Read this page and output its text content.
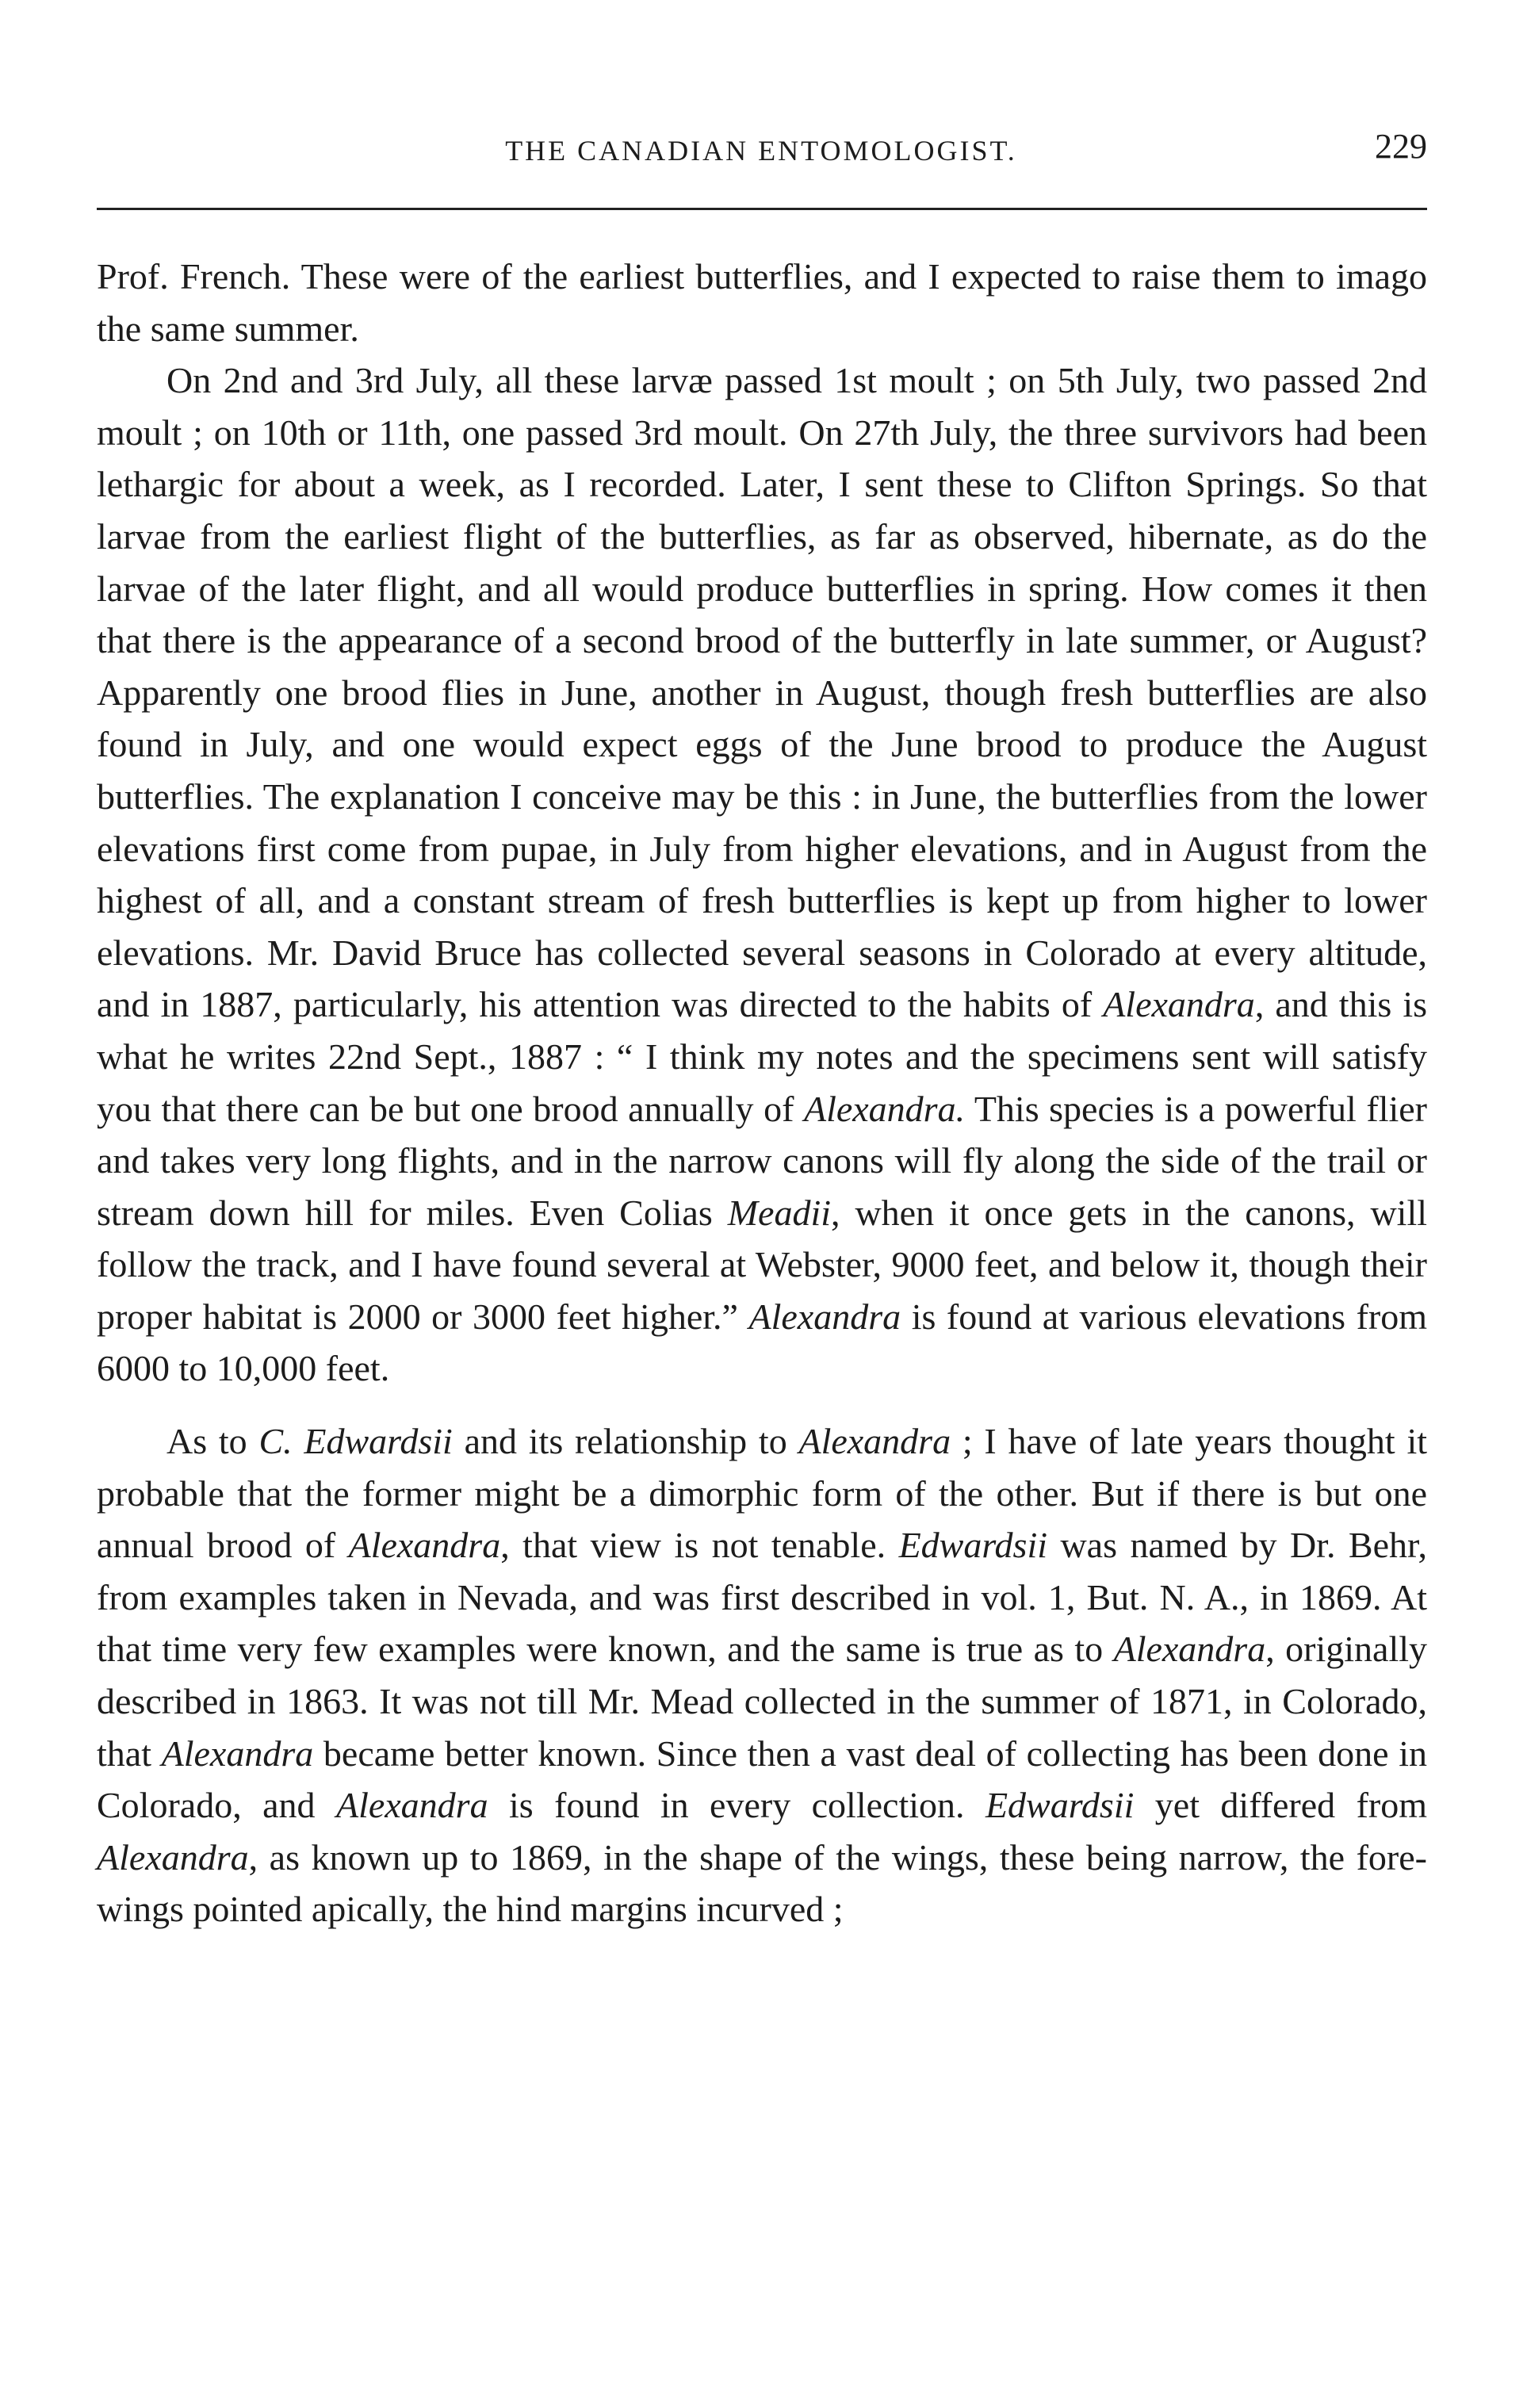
THE CANADIAN ENTOMOLOGIST.	229

Prof. French. These were of the earliest butterflies, and I expected to raise them to imago the same summer.

On 2nd and 3rd July, all these larvæ passed 1st moult ; on 5th July, two passed 2nd moult ; on 10th or 11th, one passed 3rd moult. On 27th July, the three survivors had been lethargic for about a week, as I recorded. Later, I sent these to Clifton Springs. So that larvae from the earliest flight of the butterflies, as far as observed, hibernate, as do the larvae of the later flight, and all would produce butterflies in spring. How comes it then that there is the appearance of a second brood of the butterfly in late summer, or August? Apparently one brood flies in June, another in August, though fresh butterflies are also found in July, and one would expect eggs of the June brood to produce the August butterflies. The explanation I conceive may be this : in June, the butterflies from the lower elevations first come from pupae, in July from higher elevations, and in August from the highest of all, and a constant stream of fresh butterflies is kept up from higher to lower elevations. Mr. David Bruce has collected several seasons in Colorado at every altitude, and in 1887, particularly, his attention was directed to the habits of Alexandra, and this is what he writes 22nd Sept., 1887 : “ I think my notes and the specimens sent will satisfy you that there can be but one brood annually of Alexandra. This species is a powerful flier and takes very long flights, and in the narrow canons will fly along the side of the trail or stream down hill for miles. Even Colias Meadii, when it once gets in the canons, will follow the track, and I have found several at Webster, 9000 feet, and below it, though their proper habitat is 2000 or 3000 feet higher.” Alexandra is found at various elevations from 6000 to 10,000 feet.

As to C. Edwardsii and its relationship to Alexandra ; I have of late years thought it probable that the former might be a dimorphic form of the other. But if there is but one annual brood of Alexandra, that view is not tenable. Edwardsii was named by Dr. Behr, from examples taken in Nevada, and was first described in vol. 1, But. N. A., in 1869. At that time very few examples were known, and the same is true as to Alexandra, originally described in 1863. It was not till Mr. Mead collected in the summer of 1871, in Colorado, that Alexandra became better known. Since then a vast deal of collecting has been done in Colorado, and Alexandra is found in every collection. Edwardsii yet differed from Alexandra, as known up to 1869, in the shape of the wings, these being narrow, the fore-wings pointed apically, the hind margins incurved ;
